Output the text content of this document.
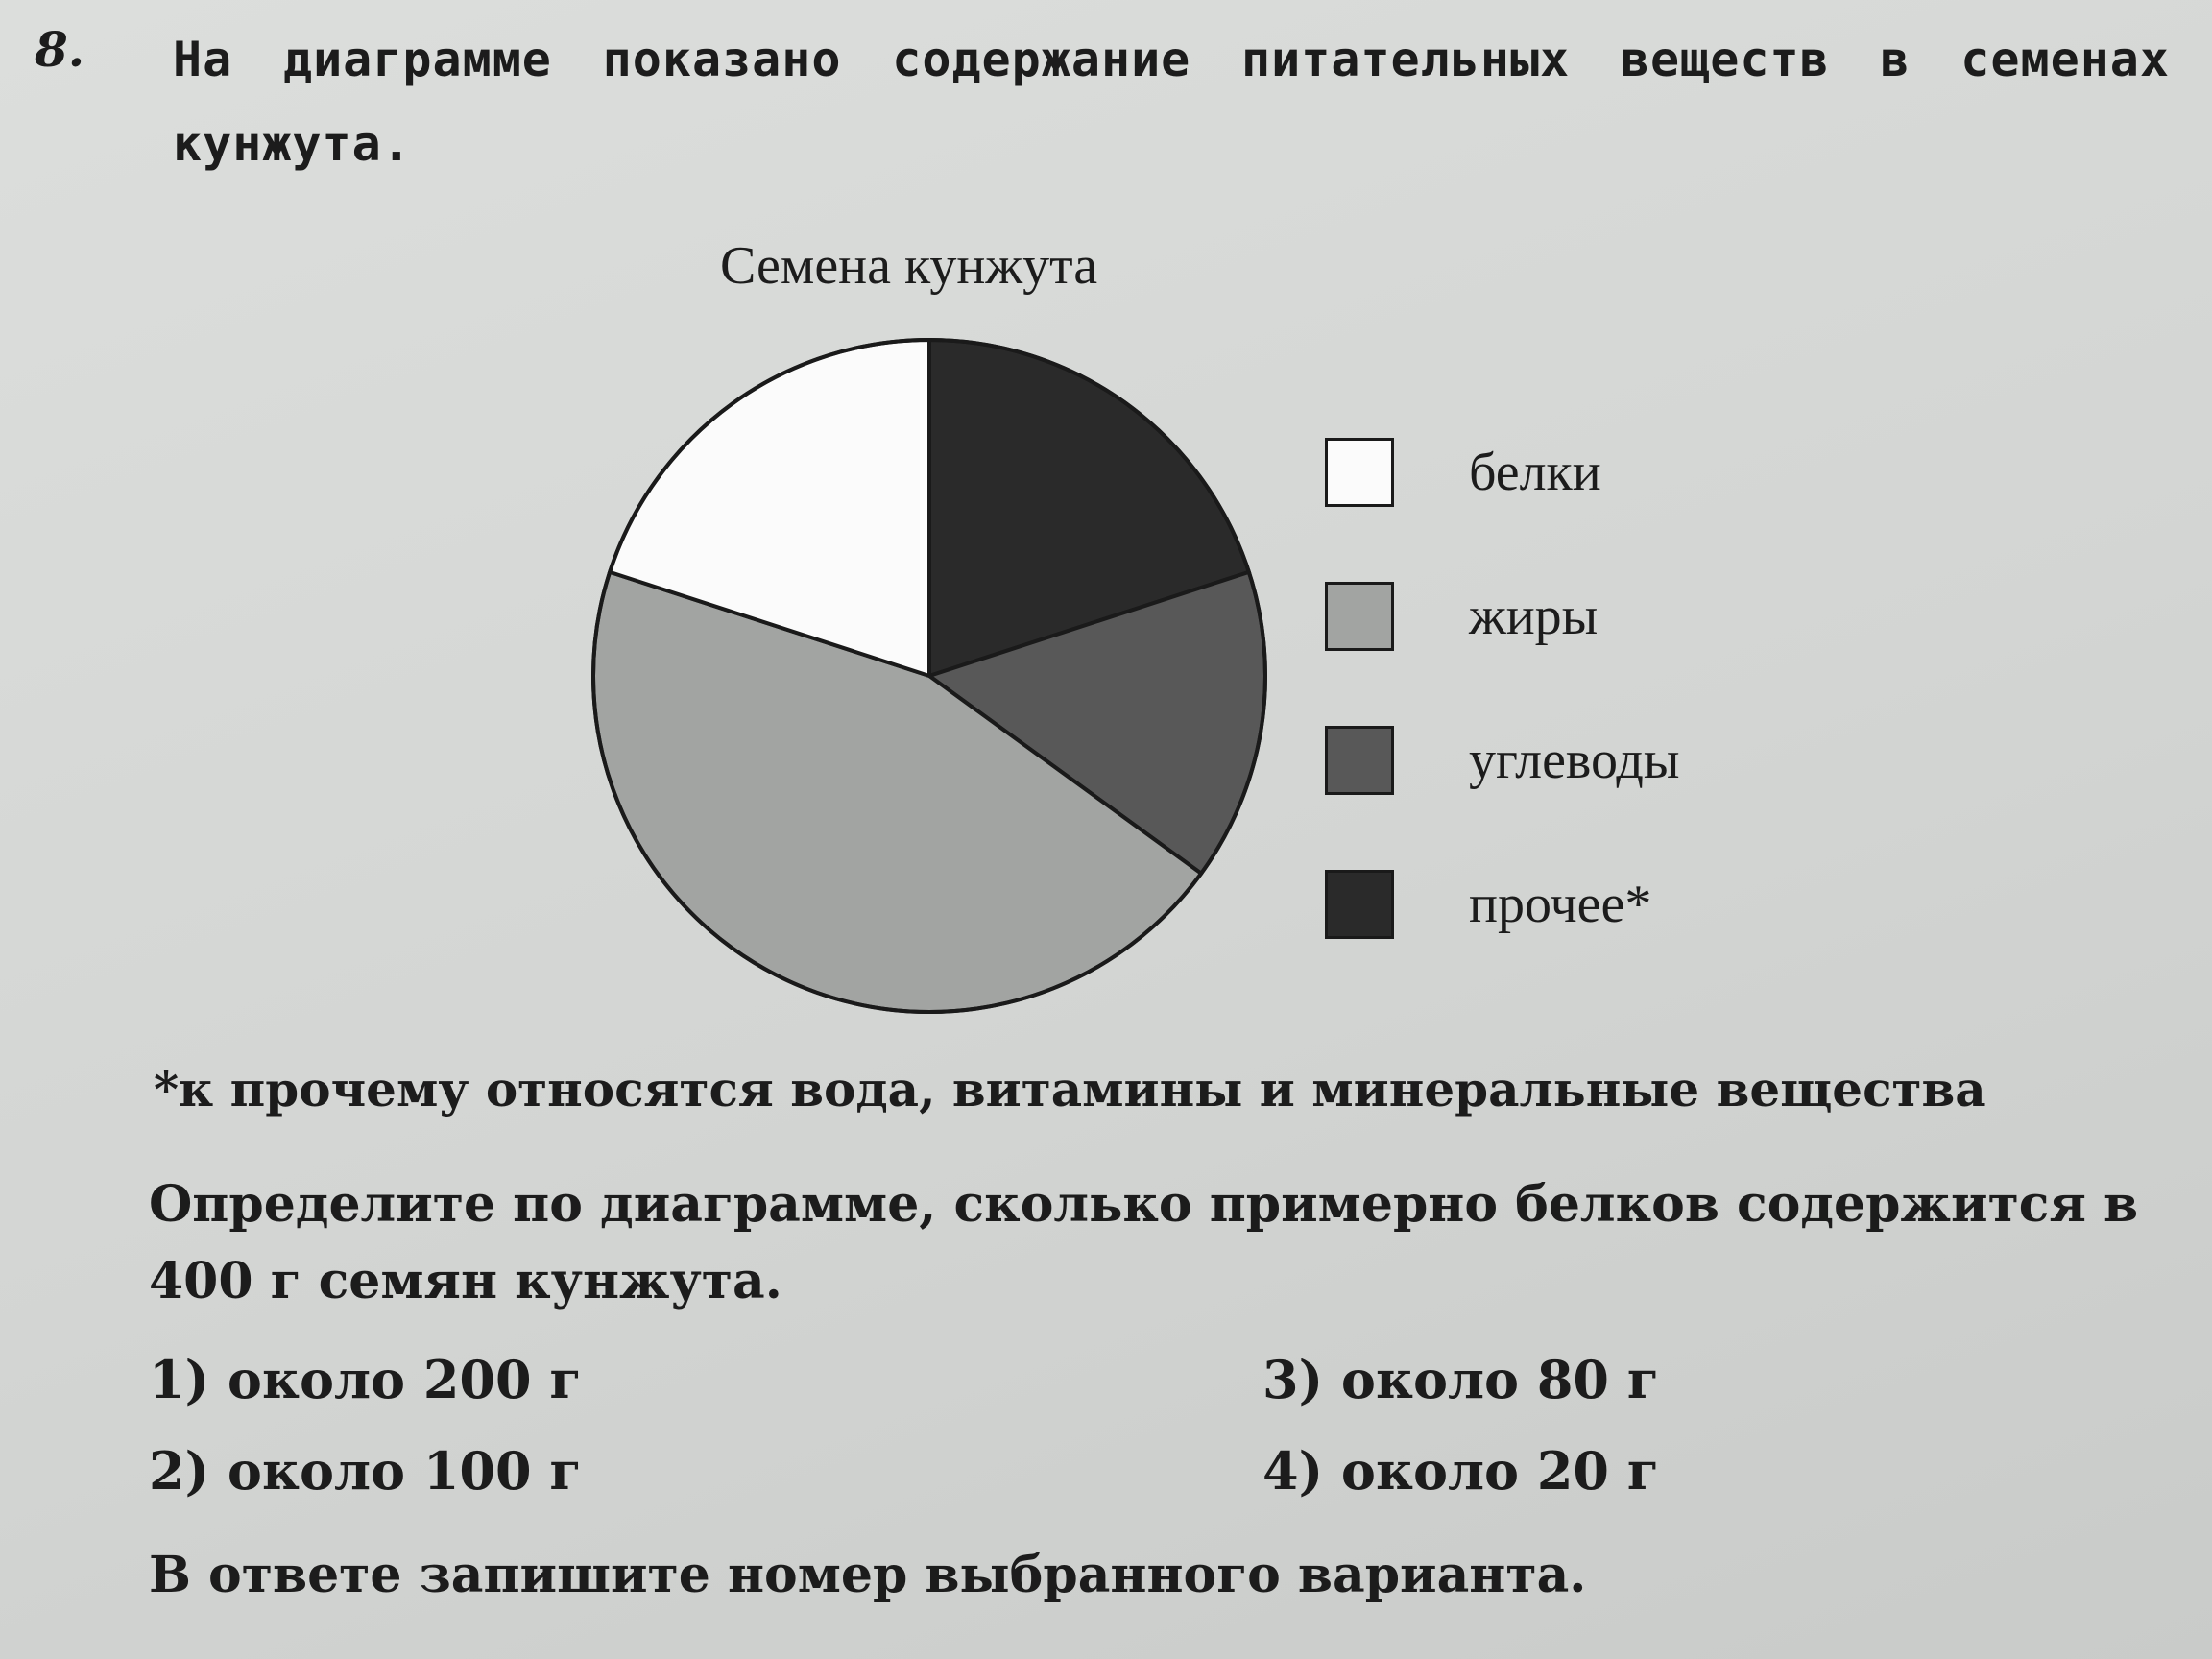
8. На диаграмме показано содержание питательных веществ в семенах кунжута.
Семена кунжута
белки
жиры
углеводы
прочее*
*к прочему относятся вода, витамины и минеральные вещества
Определите по диаграмме, сколько примерно белков содержится в 400 г семян кунжута.
1) около 200 г
2) около 100 г
3) около 80 г
4) около 20 г
В ответе запишите номер выбранного варианта.
